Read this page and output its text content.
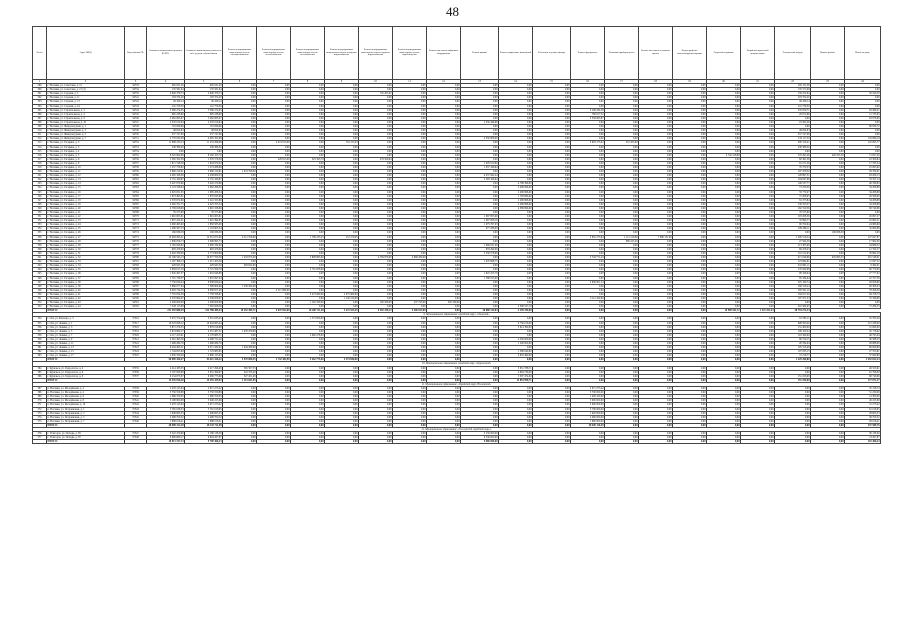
48
№ п/п	Адрес МКД	Код субъекта РФ	Стоимость капитального ремонта ВСЕГО	Стоимость капитального ремонта за счёт средств собственников	Ремонт внутридомовых инженерных систем электроснабжения	Ремонт внутридомовых инженерных систем теплоснабжения	Ремонт внутридомовых инженерных систем газоснабжения	Ремонт внутридомовых инженерных систем холодного водоснабжения	Ремонт внутридомовых инженерных систем горячего водоснабжения	Ремонт внутридомовых инженерных систем водоотведения	Ремонт или замена лифтового оборудования	Ремонт крыши	Ремонт подвальных помещений	Утепление и ремонт фасада	Ремонт фундамента	Установка приборов учёта	Ремонт или замена теплового пункта	Переустройство невентилируемой крыши	Энергообследование	Разработка проектной документации	Технический надзор	Прочие работы	Итого по дому
1	2	3	4	5	6	7	8	9	10	11	12	13	14	15	16	17	18	19	20	21	22	23	24
299	г. Ноглики, ул. Советская, д. 15	34733	465 031,26	465 031,26	0,00	0,00	0,00	0,00	0,00	0,00	0,00	0,00	0,00	0,00	0,00	0,00	0,00	0,00	0,00	0,00	185 151,36	0,00	0,00
300	г. Ноглики, ул. Советская, д. 15 (3)	34734	135 581,64	135 581,64	0,00	0,00	0,00	0,00	0,00	0,00	0,00	0,00	0,00	0,00	0,00	0,00	0,00	0,00	0,00	0,00	135 575,08	0,00	0,00
301	г. Ноглики, ул. Садовая, д. 5	34735	2 649 378,73	2 649 378,73	0,00	0,00	0,00	0,00	745 405,92	0,00	0,00	0,00	0,00	0,00	0,00	0,00	0,00	0,00	0,00	0,00	159 472,64	0,00	50 543,50
302	г. Ноглики, ул. Садовая, д. 11	34741	193 374,20	193 374,20	0,00	0,00	0,00	0,00	0,00	0,00	0,00	0,00	0,00	0,00	0,00	0,00	0,00	0,00	0,00	0,00	193 374,20	0,00	0,00
303	г. Ноглики, ул. Садовая, д. 13	34742	49 169,14	49 169,14	0,00	0,00	0,00	0,00	0,00	0,00	0,00	0,00	0,00	0,00	0,00	0,00	0,00	0,00	0,00	0,00	49 169,14	0,00	0,00
304	г. Ноглики, ул. Садовая, д. 24	34743	141 759,30	141 759,30	0,00	0,00	0,00	0,00	0,00	0,00	0,00	0,00	0,00	0,00	0,00	0,00	0,00	0,00	0,00	0,00	141 759,30	0,00	0,00
305	г. Ноглики, ул. Строительная, д. 3	34744	5 380 274,05	5 380 274,05	0,00	0,00	0,00	0,00	0,00	0,00	0,00	0,00	0,00	0,00	2 168 434,38	0,00	0,00	0,00	0,00	0,00	235 056,71	0,00	63 498,21
306	г. Ноглики, ул. Строительная, д. 4	34745	995 238,60	995 238,60	0,00	0,00	0,00	0,00	0,00	0,00	0,00	0,00	0,00	0,00	766 017,32	0,00	0,00	0,00	0,00	0,00	29 672,66	0,00	11 735,95
307	г. Ноглики, ул. Строительная, д. 8	34746	5 462 063,07	5 462 063,07	0,00	0,00	0,00	0,00	0,00	0,00	0,00	0,00	0,00	0,00	2 358 663,87	0,00	0,00	0,00	0,00	0,00	0,00	0,00	63 978,90
308	г. Ноглики, ул. Строительная, д. 10	34747	2 270 010,94	2 270 010,94	0,00	0,00	0,00	0,00	0,00	0,00	0,00	2 250 448,68	0,00	0,00	0,00	0,00	0,00	0,00	0,00	0,00	19 562,26	0,00	0,00
309	г. Ноглики, ул. Физкультурная, д. 1	34748	718 836,66	718 836,66	0,00	0,00	0,00	0,00	0,00	0,00	0,00	0,00	0,00	0,00	0,00	0,00	0,00	0,00	0,00	0,00	0,00	0,00	66 930,72
310	г. Ноглики, ул. Физкультурная, д. 3	34749	48 654,63	48 654,63	0,00	0,00	0,00	0,00	0,00	0,00	0,00	0,00	0,00	0,00	0,00	0,00	0,00	0,00	0,00	0,00	48 654,63	0,00	0,00
311	г. Ноглики, ул. Физкультурная, д. 5	34750	257 747,06	257 747,06	0,00	0,00	0,00	0,00	0,00	0,00	0,00	0,00	0,00	0,00	0,00	0,00	0,00	0,00	0,00	0,00	257 747,06	0,00	0,00
312	г. Ноглики, ул. Физкультурная, д. 7	34751	4 776 032,08	4 465 352,68	0,00	0,00	0,00	0,00	0,00	0,00	0,00	4 350 908,00	0,00	0,00	0,00	0,00	0,00	0,00	0,00	0,00	133 117,50	0,00	132 686,18
313	г. Ноглики, ул. Гагарина, д. 3	34752	11 988 233,23	11 253 298,08	0,00	4 474 613,00	0,00	716 213,03	0,00	0,00	0,00	0,00	0,00	0,00	3 903 173,92	251 453,90	0,00	0,00	0,00	0,00	400 319,21	0,00	122 095,77
314	г. Ноглики, ул. Гагарина, д. 3	34753	238 386,30	238 386,30	0,00	0,00	0,00	0,00	0,00	0,00	0,00	0,00	0,00	0,00	0,00	0,00	0,00	0,00	0,00	0,00	238 386,30	0,00	0,00
315	г. Ноглики, ул. Гагарина, д. 4	34754	0,00	0,00	0,00	0,00	0,00	0,00	0,00	0,00	0,00	0,00	0,00	0,00	0,00	0,00	0,00	0,00	0,00	0,00	0,00	0,00	0,00
316	г. Ноглики, ул. Гагарина, д. 5	34755	8 325 992,89	8 182 105,70	0,00	0,00	0,00	0,00	0,00	0,00	0,00	0,00	0,00	0,00	0,00	0,00	0,00	0,00	2 742 218,88	0,00	570 291,46	228 325,56	71 657,29
317	г. Ноглики, ул. Гагарина, д. 6	34756	1 365 352,38	1 370 579,58	0,00	228 815,00	323 193,78	0,00	279 509,64	0,00	0,00	0,00	0,00	0,00	0,00	0,00	0,00	0,00	0,00	0,00	82 361,58	0,00	16 508,84
318	г. Ноглики, ул. Гагарина, д. 8	34757	1 671 748,58	1 643 670,20	0,00	0,00	0,00	0,00	0,00	0,00	0,00	1 405 610,80	0,00	0,00	0,00	0,00	0,00	0,00	0,00	0,00	81 271,26	0,00	17 765,34
319	г. Ноглики, ул. Гагарина, д. 10	34758	1 257 758,82	1 274 288,89	0,00	0,00	0,00	0,00	0,00	0,00	0,00	1 057 346,94	0,00	0,00	0,00	0,00	0,00	0,00	0,00	0,00	76 370,53	0,00	25 063,90
320	г. Ноглики, ул. Гагарина, д. 11	34759	3 960 210,61	3 960 210,61	1 974 796,00	0,00	0,00	0,00	0,00	0,00	0,00	0,00	0,00	0,00	0,00	0,00	0,00	0,00	0,00	0,00	197 478,50	0,00	59 780,01
321	г. Ноглики, ул. Гагарина, д. 12	34760	4 495 168,36	4 438 609,33	0,00	0,00	0,00	0,00	0,00	0,00	0,00	4 257 942,24	0,00	0,00	0,00	0,00	0,00	0,00	0,00	0,00	128 997,31	0,00	63 209,13
322	г. Ноглики, ул. Гагарина, д. 13	34761	2 731 160,87	2 731 160,87	0,00	0,00	0,00	0,00	0,00	0,00	0,00	2 593 166,64	0,00	0,00	0,00	0,00	0,00	0,00	0,00	0,00	104 637,09	0,00	33 357,14
323	г. Ноглики, ул. Гагарина, д. 14	34762	3 447 870,96	3 445 270,66	0,00	0,00	0,00	0,00	0,00	0,00	0,00	0,00	4 789 396,00	0,00	0,00	0,00	0,00	0,00	0,00	0,00	149 537,77	0,00	46 769,63
324	г. Ноглики, ул. Гагарина, д. 15	34763	2 123 338,04	2 062 298,30	0,00	0,00	0,00	0,00	0,00	0,00	0,00	0,00	2 299 998,00	0,00	0,00	0,00	0,00	0,00	0,00	0,00	73 250,30	0,00	34 208,88
325	г. Ноглики, ул. Гагарина, д. 16	34764	2 025 051,05	1 985 208,34	0,00	0,00	0,00	0,00	0,00	0,00	0,00	0,00	2 299 998,00	0,00	0,00	0,00	0,00	0,00	0,00	0,00	35 770,27	0,00	34 208,88
326	г. Ноглики, ул. Гагарина, д. 17	34765	1 873 493,81	1 870 643,98	0,00	0,00	0,00	0,00	0,00	0,00	0,00	0,00	1 783 696,00	0,00	0,00	0,00	0,00	0,00	0,00	0,00	72 208,05	0,00	26 568,90
327	г. Ноглики, ул. Гагарина, д. 18	34766	2 570 672,96	2 241 325,86	0,00	0,00	0,00	0,00	0,00	0,00	0,00	0,00	2 299 998,00	0,00	0,00	0,00	0,00	0,00	0,00	0,00	81 273,84	0,00	34 208,88
328	г. Ноглики, ул. Гагарина, д. 19	34767	4 362 701,75	4 425 705,54	0,00	0,00	0,00	0,00	0,00	0,00	0,00	0,00	2 299 998,00	0,00	0,00	0,00	0,00	0,00	0,00	0,00	139 353,37	0,00	34 208,88
329	г. Ноглики, ул. Гагарина, д. 20	34768	4 709 028,96	4 691 328,96	0,00	0,00	0,00	0,00	0,00	0,00	0,00	0,00	4 389 996,00	0,00	0,00	0,00	0,00	0,00	0,00	0,00	162 310,56	0,00	68 749,66
330	г. Ноглики, ул. Гагарина, д. 21	34769	76 575,60	76 575,60	0,00	0,00	0,00	0,00	0,00	0,00	0,00	0,00	0,00	0,00	0,00	0,00	0,00	0,00	0,00	0,00	76 575,60	0,00	0,00
331	г. Ноглики, ул. Гагарина, д. 22	34770	1 691 005,81	1 691 005,81	0,00	0,00	0,00	0,00	0,00	0,00	0,00	1 067 855,00	0,00	0,00	0,00	0,00	0,00	0,00	0,00	0,00	193 208,39	0,00	45 097,27
332	г. Ноглики, ул. Гагарина, д. 23	34771	1 657 222,21	1 621 394,65	0,00	0,00	0,00	0,00	0,00	0,00	0,00	1 067 858,19	0,00	0,00	0,00	0,00	0,00	0,00	0,00	0,00	35 890,77	0,00	16 962,21
333	г. Ноглики, ул. Гагарина, д. 24	34772	2 000 465,90	1 858 585,00	0,00	0,00	0,00	0,00	0,00	0,00	0,00	1 075 767,03	0,00	0,00	0,00	0,00	0,00	0,00	0,00	0,00	90 700,04	0,00	24 986,69
334	г. Ноглики, ул. Гагарина, д. 25	34773	1 286 587,33	1 118 905,34	0,00	0,00	0,00	0,00	0,00	0,00	0,00	977 288,00	0,00	0,00	0,00	0,00	0,00	0,00	0,00	0,00	108 286,11	0,00	32 860,89
335	г. Ноглики, ул. Гагарина, д. 26	34774	166 836,58	166 836,58	0,00	0,00	0,00	0,00	0,00	0,00	0,00	0,00	0,00	0,00	0,00	0,00	0,00	0,00	0,00	0,00	0,00	106 836,58	0,00
336	г. Ноглики, ул. Гагарина, д. 27	34775	13 483 293,21	12 351 671,90	4 511 558,90	0,00	1 709 223,25	151 270,95	0,00	0,00	0,00	0,00	0,00	0,00	3 981 273,94	1 111 210,80	7 686 131,08	0,00	0,00	0,00	1 200 516,54	0,00	127 627,87
337	г. Ноглики, ул. Гагарина, д. 28	34776	1 836 056,73	2 099 995,73	0,00	0,00	0,00	0,00	0,00	0,00	0,00	0,00	0,00	0,00	0,00	980 225,29	0,00	0,00	0,00	0,00	27 564,59	0,00	17 962,00
338	г. Ноглики, ул. Гагарина, д. 29	34777	2 165 026,82	2 082 334,00	0,00	0,00	0,00	0,00	0,00	0,00	0,00	1 969 031,00	0,00	0,00	0,00	0,00	0,00	0,00	0,00	0,00	113 303,00	0,00	44 686,52
339	г. Ноглики, ул. Гагарина, д. 30	34778	993 478,00	993 478,00	0,00	0,00	0,00	0,00	0,00	0,00	0,00	833 290,00	0,00	0,00	0,00	0,00	0,00	0,00	0,00	0,00	69 478,23	0,00	12 762,57
340	г. Ноглики, ул. Гагарина, д. 31	34779	2 402 780,00	2 773 800,89	0,00	0,00	0,00	0,00	0,00	0,00	0,00	2 258 578,68	0,00	0,00	0,00	0,00	0,00	0,00	0,00	0,00	110 512,95	0,00	35 862,18
341	г. Ноглики, ул. Гагарина, д. 32	34780	22 196 545,13	19 077 706,58	1 433 675,00	0,00	3 808 985,60	0,00	4 784 876,00	4 968 280,00	0,00	0,00	0,00	0,00	3 744 771,43	0,00	0,00	0,00	0,00	0,00	471 049,06	435 095,55	201 548,91
342	г. Ноглики, ул. Гагарина, д. 33	34781	1 197 396,13	1 215 453,36	0,00	0,00	0,00	0,00	0,00	0,00	0,00	1 070 968,75	0,00	0,00	0,00	0,00	0,00	0,00	0,00	0,00	123 664,61	0,00	11 937,22
343	г. Ноглики, ул. Гагарина, д. 34	34782	428 945,59	428 945,59	483 652,90	0,00	0,00	0,00	0,00	0,00	0,00	0,00	0,00	0,00	0,00	0,00	0,00	0,00	0,00	0,00	216 861,11	0,00	8 364,91
344	г. Ноглики, ул. Гагарина, д. 35	34783	5 083 617,19	5 721 509,79	0,00	0,00	3 791 658,98	0,00	0,00	0,00	0,00	0,00	0,00	0,00	0,00	0,00	0,00	0,00	0,00	0,00	170 920,08	0,00	60 779,00
345	г. Ноглики, ул. Гагарина, д. 36	34784	1 945 497,37	1 919 949,89	0,00	0,00	0,00	0,00	0,00	0,00	0,00	1 822 255,79	0,00	0,00	0,00	0,00	0,00	0,00	0,00	0,00	98 108,04	0,00	27 777,62
346	г. Ноглики, ул. Гагарина, д. 37	34785	1 701 739,37	1 672 097,04	0,00	0,00	0,00	0,00	0,00	0,00	0,00	1 586 913,00	0,00	0,00	0,00	0,00	0,00	0,00	0,00	0,00	85 184,04	0,00	22 707,36
347	г. Ноглики, ул. Гагарина, д. 38	34786	7 750 626,44	6 938 626,44	0,00	0,00	0,00	0,00	0,00	0,00	0,00	0,00	0,00	0,00	5 956 001,54	0,00	0,00	0,00	0,00	0,00	325 180,74	0,00	94 958,80
348	г. Ноглики, ул. Гагарина, д. 39	34787	5 869 077,64	7 399 904,90	1 258 564,90	0,00	0,00	0,00	0,00	0,00	0,00	0,00	0,00	0,00	0,00	0,00	0,00	0,00	0,00	0,00	168 316,24	0,00	90 308,43
349	г. Ноглики, ул. Гагарина, д. 40	34788	6 003 734,59	6 058 971,26	0,00	4 517 080,00	0,00	0,00	0,00	0,00	0,00	0,00	0,00	0,00	0,00	0,00	0,00	0,00	0,00	0,00	285 591,10	0,00	78 458,59
350	г. Ноглики, ул. Гагарина, д. 41	34789	7 755 054,38	7 758 768,67	0,00	0,00	3 473 060,00	2 075 609,00	0,00	0,00	0,00	0,00	0,00	0,00	0,00	0,00	0,00	0,00	0,00	0,00	184 917,20	0,00	84 158,73
351	г. Ноглики, ул. Гагарина, д. 42	34790	4 370 664,97	4 339 958,07	0,00	0,00	0,00	1 120 210,00	0,00	0,00	0,00	0,00	0,00	0,00	3 112 100,00	0,00	0,00	0,00	0,00	0,00	107 471,53	0,00	55 346,80
352	г. Ноглики, ул. Гагарина, д. 43	34791	2 209 009,09	2 209 009,09	0,00	0,00	1 162 330,00	0,00	182 508,00	237 743,00	205 339,00	0,00	0,00	0,00	0,00	0,00	0,00	0,00	0,00	0,00	0,00	0,00	0,00
353	г. Ноглики, ул. Гагарина, д. 44	34792	7 528 113,69	7 565 828,56	0,00	0,00	0,00	0,00	0,00	0,00	0,00	0,00	5 399 537,18	0,00	0,00	0,00	0,00	0,00	0,00	0,00	210 584,05	0,00	75 286,55
	ИТОГО:		231 392 880,29	222 788 485,54	10 252 385,71	9 047 823,00	16 200 711,28	3 472 523,45	6 292 338,12	5 206 023,00	0,00	26 880 134,83	4 199 196,00	0,00	0,00	0,00	0,00	0,00	10 989 541,72	1 221 251,43	28 794 274,14		
9. Муниципальное образование городской округ «Охинский»																							
354	г. Оха, ул. Блюхера, д. 3	37316	3 075 574,48	3 351 633,45	0,00	0,00	1 573 000,00	0,00	0,00	0,00	0,00	0,00	0,00	0,00	0,00	0,00	0,00	0,00	0,00	0,00	91 583,11	0,00	52 763,26
355	г. Оха, ул. Ленина, д. 1	37317	10 323 828,12	10 044 965,44	0,00	0,00	0,00	0,00	0,00	0,00	0,00	0,00	9 730 016,00	0,00	0,00	0,00	0,00	0,00	0,00	0,00	498 593,40	0,00	115 238,00
356	г. Оха, ул. Ленина, д. 3	37318	3 871 279,55	3 876 019,68	0,00	0,00	0,00	0,00	0,00	0,00	0,00	0,00	3 614 390,00	0,00	0,00	0,00	0,00	0,00	0,00	0,00	131 400,00	0,00	51 060,00
357	г. Оха, ул. Ленина, д. 5	37319	5 674 882,17	4 351 487,31	1 076 479,96	0,00	0,00	0,00	0,00	0,00	0,00	0,00	0,00	0,00	0,00	0,00	0,00	0,00	0,00	0,00	106 100,24	0,00	45 178,62
358	г. Оха, ул. Ленина, д. 7	37320	4 117 413,91	4 176 683,71	0,00	0,00	2 092 278,00	0,00	0,00	0,00	0,00	0,00	0,00	0,00	0,00	0,00	0,00	0,00	0,00	0,00	116 560,00	0,00	48 795,04
359	г. Оха, ул. Ленина, д. 9	37321	4 561 495,56	4 498 751,20	0,00	0,00	0,00	0,00	0,00	0,00	0,00	0,00	4 530 000,00	0,00	0,00	0,00	0,00	0,00	0,00	0,00	90 750,15	0,00	30 588,33
360	г. Оха, ул. Ленина, д. 11	37322	1 498 284,79	1 498 284,79	0,00	0,00	0,00	0,00	0,00	0,00	0,00	0,00	1 326 000,00	0,00	0,00	0,00	0,00	0,00	0,00	0,00	26 764,04	0,00	28 888,00
361	г. Оха, ул. Ленина, д. 13	37323	6 434 495,51	6 371 432,63	1 044 280,00	0,00	0,00	0,00	0,00	0,00	0,00	0,00	0,00	0,00	0,00	0,00	0,00	0,00	0,00	0,00	105 313,48	0,00	66 009,89
362	г. Оха, ул. Ленина, д. 15	37324	1 744 655,08	1 723 983,65	0,00	0,00	0,00	0,00	0,00	0,00	0,00	0,00	1 580 040,00	0,00	0,00	0,00	0,00	0,00	0,00	0,00	107 033,15	0,00	27 553,61
363	г. Оха, ул. Ленина, д. 17	37325	2 930 700,49	2 890 123,03	0,00	0,00	0,00	0,00	0,00	0,00	0,00	0,00	2 653 460,00	0,00	0,00	0,00	0,00	0,00	0,00	0,00	72 218,77	0,00	37 060,80
	ИТОГО:		56 090 420,27	54 611 326,22	5 570 800,45	1 742 382,90	5 262 775,00	3 374 840,00	0,00	0,00	0,00	0,00	0,00	0,00	0,00	0,00	0,00	0,00	0,00	0,00	1 229 260,80	0,00	1 452 632,24
10. Муниципальное образование городской округ «Курильский»																							
364	г. Курильск, ул. Гидрологов, д. 4	37335	4 214 183,35	4 217 296,26	565 507,55	0,00	0,00	0,00	0,00	0,00	0,00	0,00	3 651 788,71	0,00	0,00	0,00	0,00	0,00	0,00	0,00	0,00	0,00	46 523,61
365	г. Курильск, ул. Гидрологов, д. 6	37336	5 107 956,98	5 031 369,97	222 703,40	0,00	0,00	0,00	0,00	0,00	0,00	0,00	4 694 736,00	0,00	0,00	0,00	0,00	0,00	0,00	0,00	0,00	0,00	61 798,00
366	г. Курильск, ул. Гидрологов, д. 8	37337	6 154 675,87	6 006 773,69	327 451,00	0,00	0,00	0,00	0,00	0,00	0,00	0,00	5 507 474,00	0,00	0,00	0,00	0,00	0,00	0,00	0,00	151 250,00	0,00	68 749,66
	ИТОГО:		15 476 816,20	15 255 439,92	1 115 661,95	0,00	0,00	0,00	0,00	0,00	0,00	0,00	13 853 998,71	0,00	0,00	0,00	0,00	0,00	0,00	0,00	151 250,00	0,00	177 071,27
11. Муниципальное образование «Городской округ Ногликский»																							
367	п. Ноглики, ул. Молодёжная, д. 2	37338	2 478 125,94	2 671 273,42	0,00	0,00	0,00	0,00	0,00	0,00	0,00	0,00	0,00	0,00	2 671 273,42	0,00	0,00	0,00	0,00	0,00	0,00	0,00	35 158,74
368	п. Ноглики, ул. Молодёжная, д. 4	37339	3 750 559,88	3 750 559,88	0,00	0,00	0,00	0,00	0,00	0,00	0,00	0,00	0,00	0,00	3 700 000,00	0,00	0,00	0,00	0,00	0,00	0,00	0,00	51 230,00
369	п. Ноглики, ул. Молодёжная, д. 6	37340	1 066 700,05	1 066 700,05	0,00	0,00	0,00	0,00	0,00	0,00	0,00	0,00	0,00	0,00	1 028 100,00	0,00	0,00	0,00	0,00	0,00	0,00	0,00	14 300,00
370	п. Ноглики, ул. Молодёжная, д. 8	37341	3 198 900,08	3 049 225,99	0,00	0,00	0,00	0,00	0,00	0,00	0,00	0,00	0,00	0,00	3 000 000,00	0,00	0,00	0,00	0,00	0,00	0,00	0,00	49 225,99
371	п. Ноглики, ул. Молодёжная, д. 10	37342	2 478 125,94	2 671 273,42	0,00	0,00	0,00	0,00	0,00	0,00	0,00	0,00	0,00	0,00	2 640 000,00	0,00	0,00	0,00	0,00	0,00	0,00	0,00	31 273,42
372	п. Ноглики, ул. Пограничная, д. 1	37343	5 765 038,33	5 761 018,95	0,00	0,00	0,00	0,00	0,00	0,00	0,00	0,00	0,00	0,00	5 700 000,00	0,00	0,00	0,00	0,00	0,00	0,00	0,00	61 018,95
373	п. Ноглики, ул. Пограничная, д. 3	37344	1 948 665,33	1 948 665,33	0,00	0,00	0,00	0,00	0,00	0,00	0,00	0,00	0,00	0,00	1 920 000,00	0,00	0,00	0,00	0,00	0,00	0,00	0,00	28 665,33
374	п. Ноглики, ул. Пограничная, д. 5	37345	2 498 700,52	2 498 700,52	0,00	0,00	0,00	0,00	0,00	0,00	0,00	0,00	0,00	0,00	2 460 000,00	0,00	0,00	0,00	0,00	0,00	0,00	0,00	38 700,52
375	п. Ноглики, ул. Пограничная, д. 7	37346	1 888 016,41	1 888 016,41	0,00	0,00	0,00	0,00	0,00	0,00	0,00	0,00	0,00	0,00	1 860 000,00	0,00	0,00	0,00	0,00	0,00	0,00	0,00	28 016,41
	ИТОГО:		28 908 312,28	28 333 711,98	0,00	0,00	0,00	0,00	0,00	0,00	0,00	0,00	0,00	0,00	28 020 116,39	0,00	0,00	0,00	0,00	0,00	0,00	0,00	337 589,76
12. Муниципальное образование «Углегорский городской округ»																							
376	г. Углегорск, ул. Победы, д. 85	37347	3 322 476,96	3 186 138,36	0,00	0,00	0,00	0,00	0,00	0,00	0,00	3 150 000,00	0,00	0,00	0,00	0,00	0,00	0,00	0,00	0,00	0,00	0,00	36 138,36
377	г. Углегорск, ул. Победы, д. 87	37348	6 690 680,17	6 604 267,87	0,00	0,00	0,00	0,00	0,00	0,00	0,00	6 530 000,00	0,00	0,00	0,00	0,00	0,00	0,00	0,00	0,00	0,00	0,00	74 267,87
	ИТОГО:		10 013 157,13	9 790 406,23	0,00	0,00	0,00	0,00	0,00	0,00	0,00	9 680 000,00	0,00	0,00	0,00	0,00	0,00	0,00	0,00	0,00	0,00	0,00	110 406,23
